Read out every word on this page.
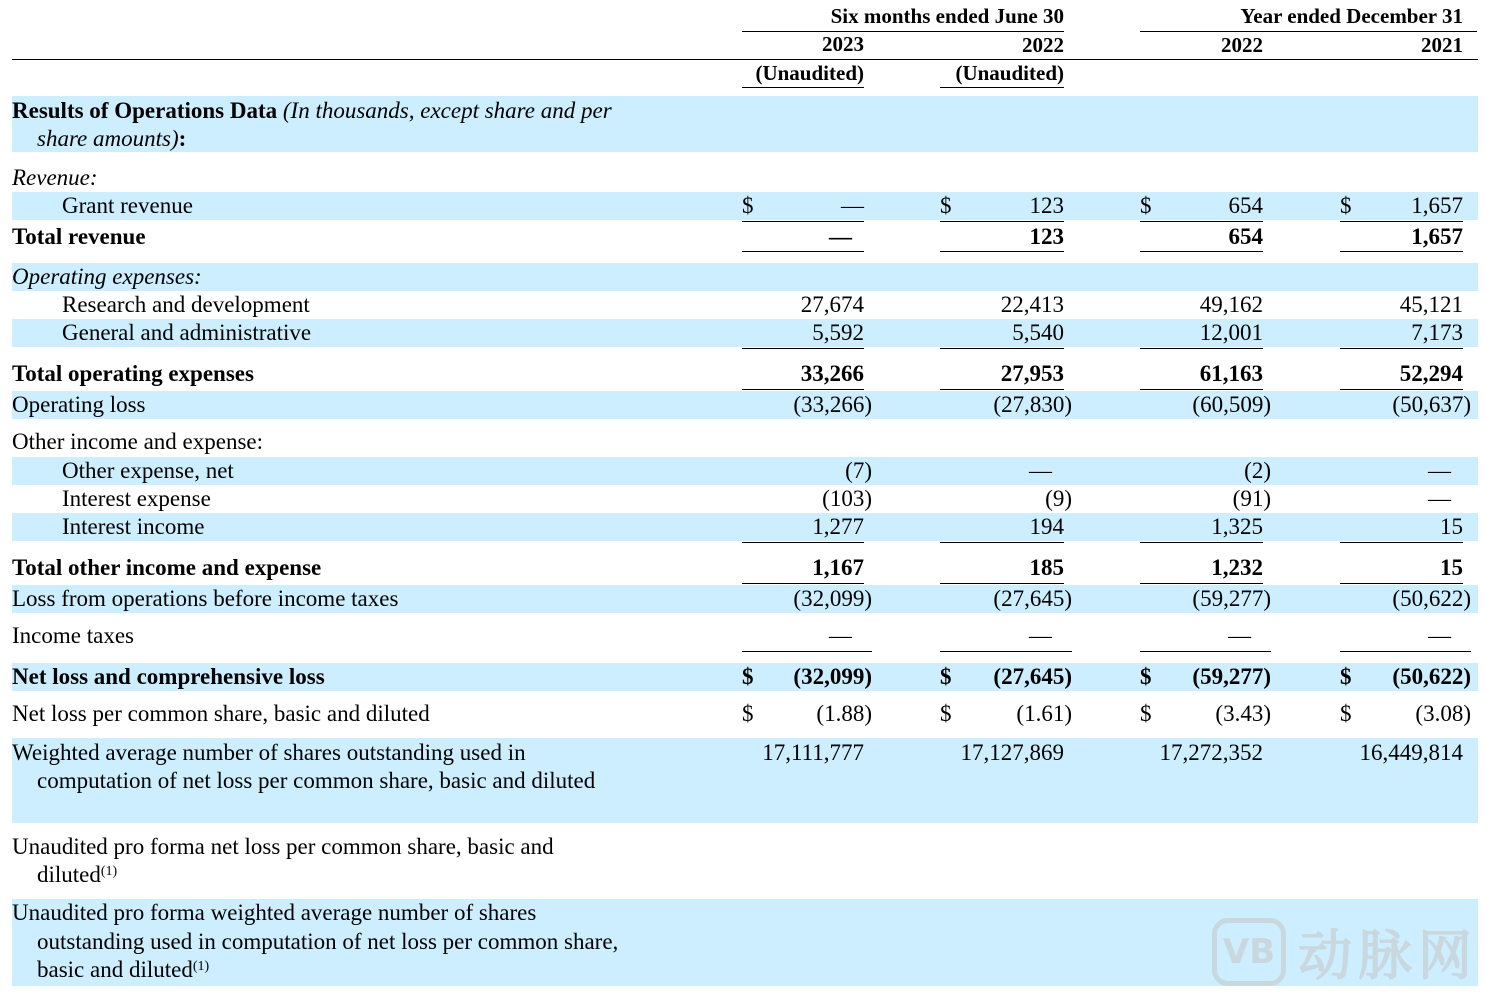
Six months ended June 30	Year ended December 31
2023	2022	2022	2021
(Unaudited)	(Unaudited)
Results of Operations Data (In thousands, except share and per
share amounts):
Revenue:
Grant revenue	$	—	$	123	$	654	$	1,657
Total revenue	—	123	654	1,657
Operating expenses:
Research and development	27,674	22,413	49,162	45,121
General and administrative	5,592	5,540	12,001	7,173
Total operating expenses	33,266	27,953	61,163	52,294
Operating loss	(33,266)	(27,830)	(60,509)	(50,637)
Other income and expense:
Other expense, net	(7)	—	(2)	—
Interest expense	(103)	(9)	(91)	—
Interest income	1,277	194	1,325	15
Total other income and expense	1,167	185	1,232	15
Loss from operations before income taxes	(32,099)	(27,645)	(59,277)	(50,622)
Income taxes	—	—	—	—
Net loss and comprehensive loss	$	(32,099)	$	(27,645)	$	(59,277)	$	(50,622)
Net loss per common share, basic and diluted	$	(1.88)	$	(1.61)	$	(3.43)	$	(3.08)
Weighted average number of shares outstanding used in
computation of net loss per common share, basic and diluted
17,111,777	17,127,869	17,272,352	16,449,814
Unaudited pro forma net loss per common share, basic and
diluted$^{(1)}$
Unaudited pro forma weighted average number of shares
outstanding used in computation of net loss per common share,
basic and diluted$^{(1)}$	VB 动脉网
